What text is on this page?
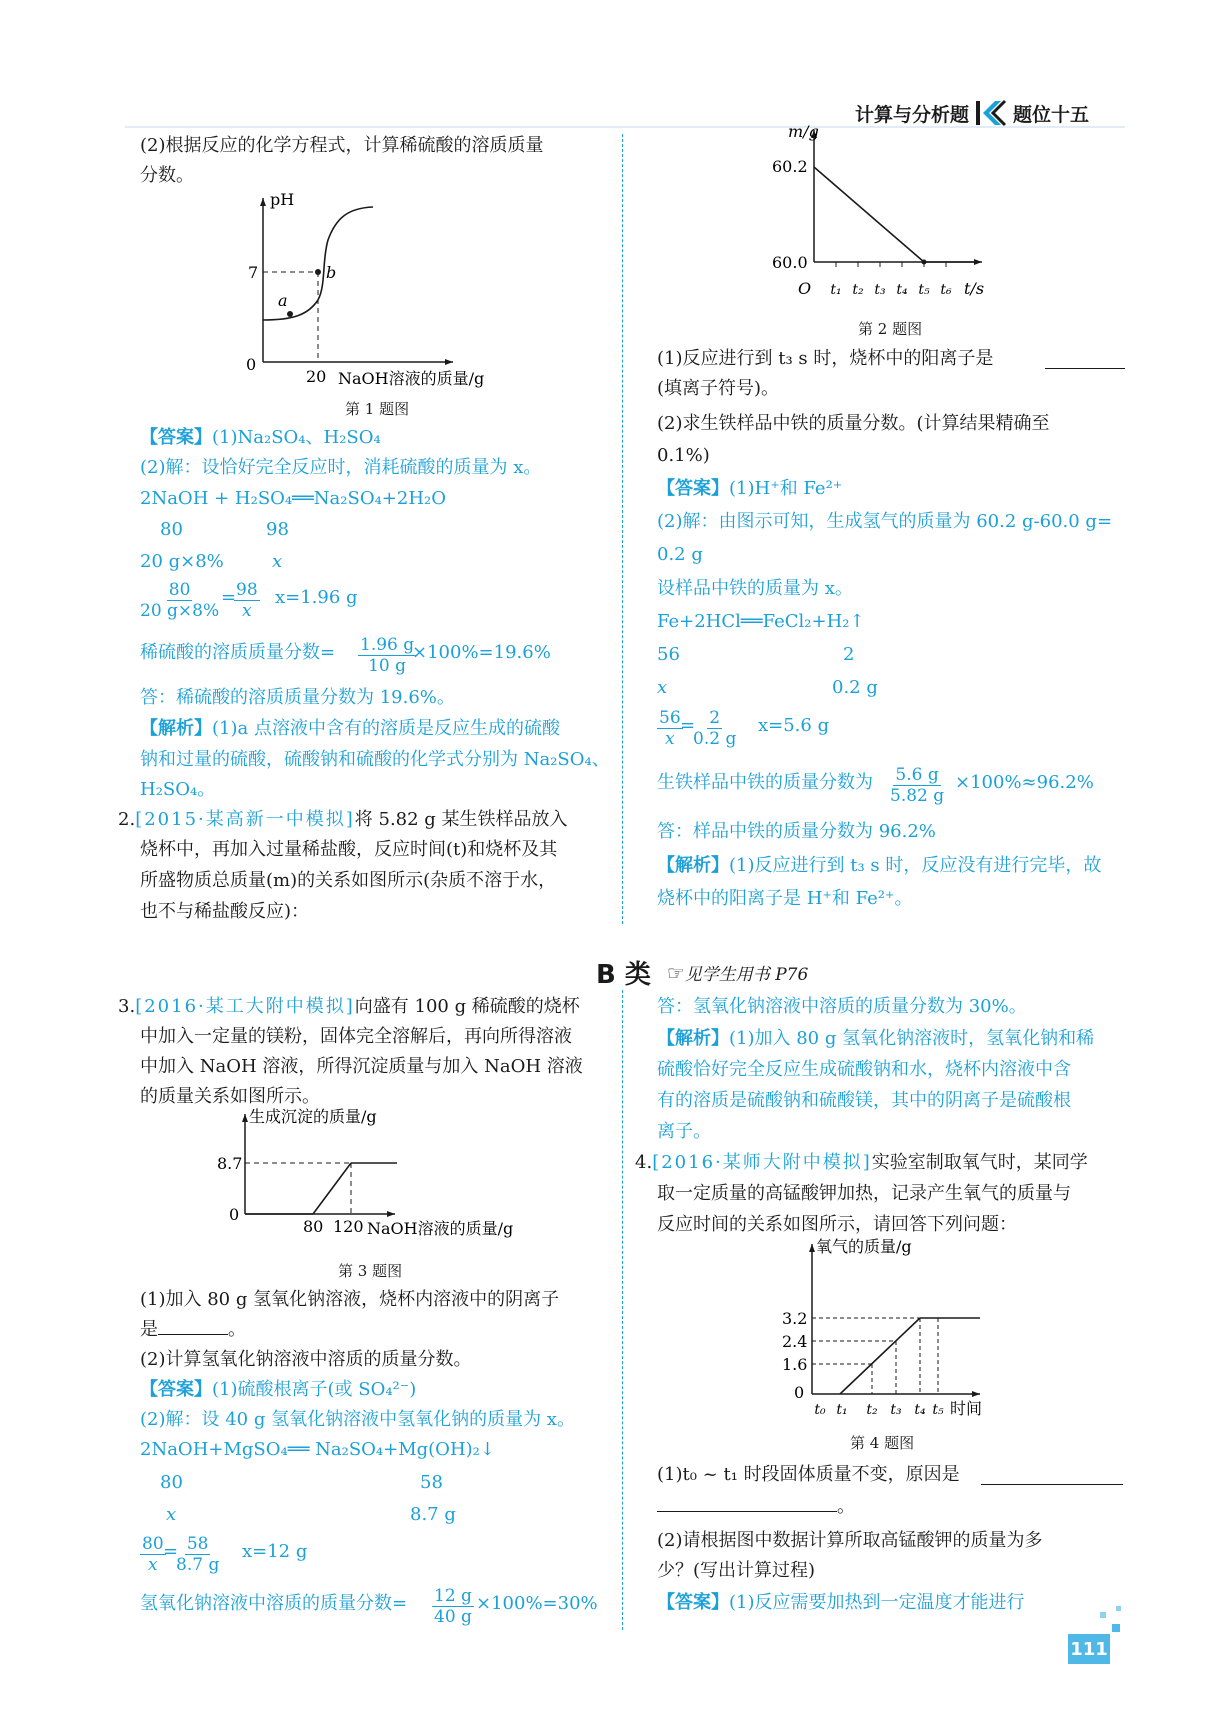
计算与分析题 题位十五
(2)根据反应的化学方程式，计算稀硫酸的溶质质量
分数。
pH
7
0
20 NaOH溶液的质量/g
a
b
第 1 题图
【答案】(1)Na₂SO₄、H₂SO₄
(2)解：设恰好完全反应时，消耗硫酸的质量为 x。
2NaOH + H₂SO₄══Na₂SO₄+2H₂O
80	98
20 g×8%	x
$\frac{80}{20 g\times 8\%}$ =
$\frac{98}{x} x=1.96$ g
稀硫酸的溶质质量分数= $\frac{1.96 g}{10 g}$
×100%=19.6%
答：稀硫酸的溶质质量分数为 19.6%。
【解析】(1)a 点溶液中含有的溶质是反应生成的硫酸
钠和过量的硫酸，硫酸钠和硫酸的化学式分别为 Na₂SO₄、
H₂SO₄。
2.[2015·某高新一中模拟]将 5.82 g 某生铁样品放入
烧杯中，再加入过量稀盐酸，反应时间(t)和烧杯及其
所盛物质总质量(m)的关系如图所示(杂质不溶于水，
也不与稀盐酸反应)：
m/g
60.2
60.0
O t₁ t₂ t₃ t₄ t₅ t₆ t/s
第 2 题图
(1)反应进行到 t₃ s 时，烧杯中的阳离子是
(填离子符号)。
(2)求生铁样品中铁的质量分数。(计算结果精确至
0.1%)
【答案】(1)H⁺和 Fe²⁺
(2)解：由图示可知，生成氢气的质量为 60.2 g-60.0 g=
0.2 g
设样品中铁的质量为 x。
Fe+2HCl══FeCl₂+H₂↑
56	2
x	0.2 g
56
x
= 2
0.2 g
x=5.6 g
生铁样品中铁的质量分数为 5.6 g
5.82 g
×100%≈96.2%
答：样品中铁的质量分数为 96.2%
【解析】(1)反应进行到 t₃ s 时，反应没有进行完毕，故
烧杯中的阳离子是 H⁺和 Fe²⁺。
B 类 ☞ 见学生用书 P76
3.[2016·某工大附中模拟]向盛有 100 g 稀硫酸的烧杯
中加入一定量的镁粉，固体完全溶解后，再向所得溶液
中加入 NaOH 溶液，所得沉淀质量与加入 NaOH 溶液
的质量关系如图所示。
生成沉淀的质量/g
8.7
0
80 120 NaOH溶液的质量/g
第 3 题图
(1)加入 80 g 氢氧化钠溶液，烧杯内溶液中的阴离子
是	。
(2)计算氢氧化钠溶液中溶质的质量分数。
【答案】(1)硫酸根离子(或 SO₄²⁻)
(2)解：设 40 g 氢氧化钠溶液中氢氧化钠的质量为 x。
2NaOH+MgSO₄══ Na₂SO₄+Mg(OH)₂↓
80	58
x	8.7 g
80
x
= 58
8.7 g
x=12 g
氢氧化钠溶液中溶质的质量分数= 12 g
40 g
×100%=30%
答：氢氧化钠溶液中溶质的质量分数为 30%。
【解析】(1)加入 80 g 氢氧化钠溶液时，氢氧化钠和稀
硫酸恰好完全反应生成硫酸钠和水，烧杯内溶液中含
有的溶质是硫酸钠和硫酸镁，其中的阴离子是硫酸根
离子。
4.[2016·某师大附中模拟]实验室制取氧气时，某同学
取一定质量的高锰酸钾加热，记录产生氧气的质量与
反应时间的关系如图所示，请回答下列问题：
氧气的质量/g
3.2
2.4
1.6
0
t₀ t₁ t₂ t₃ t₄ t₅ 时间
第 4 题图
(1)t₀ ~ t₁ 时段固体质量不变，原因是
。
(2)请根据图中数据计算所取高锰酸钾的质量为多
少？(写出计算过程)
【答案】(1)反应需要加热到一定温度才能进行
111
